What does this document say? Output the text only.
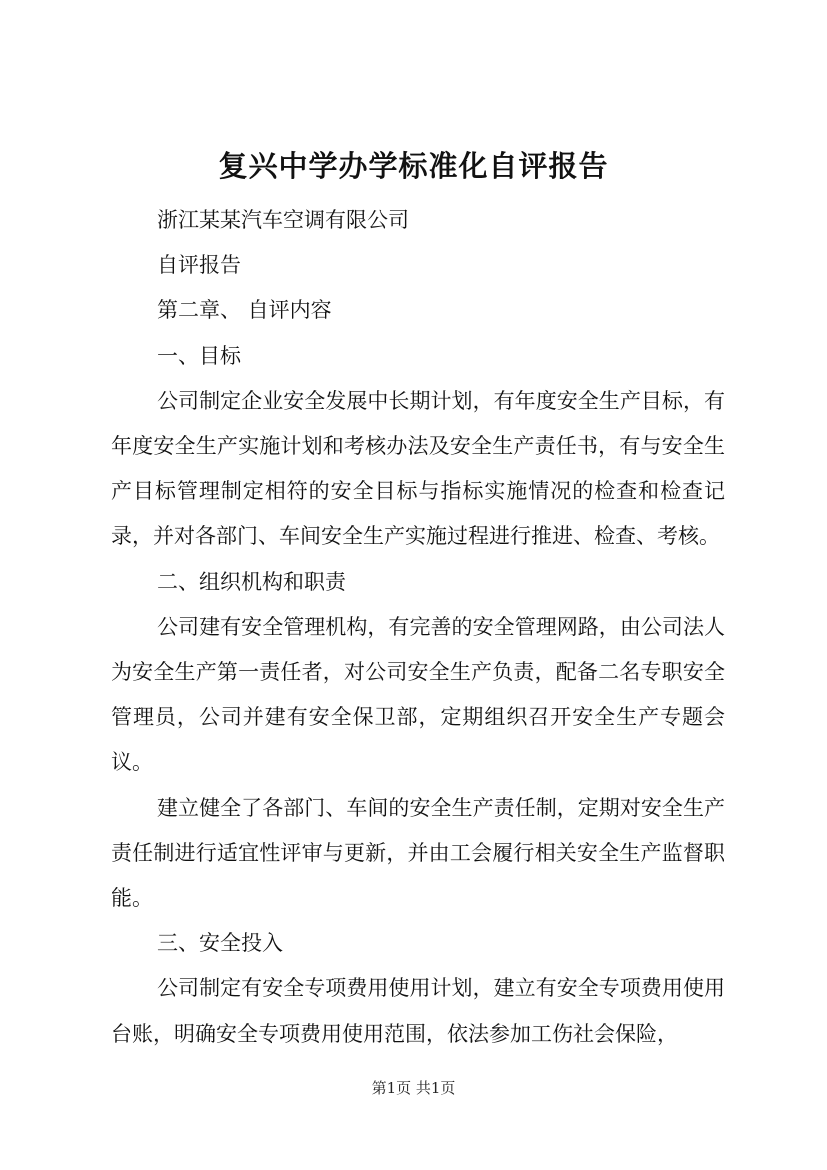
复兴中学办学标准化自评报告
浙江某某汽车空调有限公司
自评报告
第二章、 自评内容
一、目标

公司制定企业安全发展中长期计划，有年度安全生产目标，有年度安全生产实施计划和考核办法及安全生产责任书，有与安全生产目标管理制定相符的安全目标与指标实施情况的检查和检查记录，并对各部门、车间安全生产实施过程进行推进、检查、考核。

二、组织机构和职责

公司建有安全管理机构，有完善的安全管理网路，由公司法人为安全生产第一责任者，对公司安全生产负责，配备二名专职安全管理员，公司并建有安全保卫部，定期组织召开安全生产专题会议。

建立健全了各部门、车间的安全生产责任制，定期对安全生产责任制进行适宜性评审与更新，并由工会履行相关安全生产监督职能。

三、安全投入

公司制定有安全专项费用使用计划，建立有安全专项费用使用台账，明确安全专项费用使用范围，依法参加工伤社会保险，

第1页 共1页
